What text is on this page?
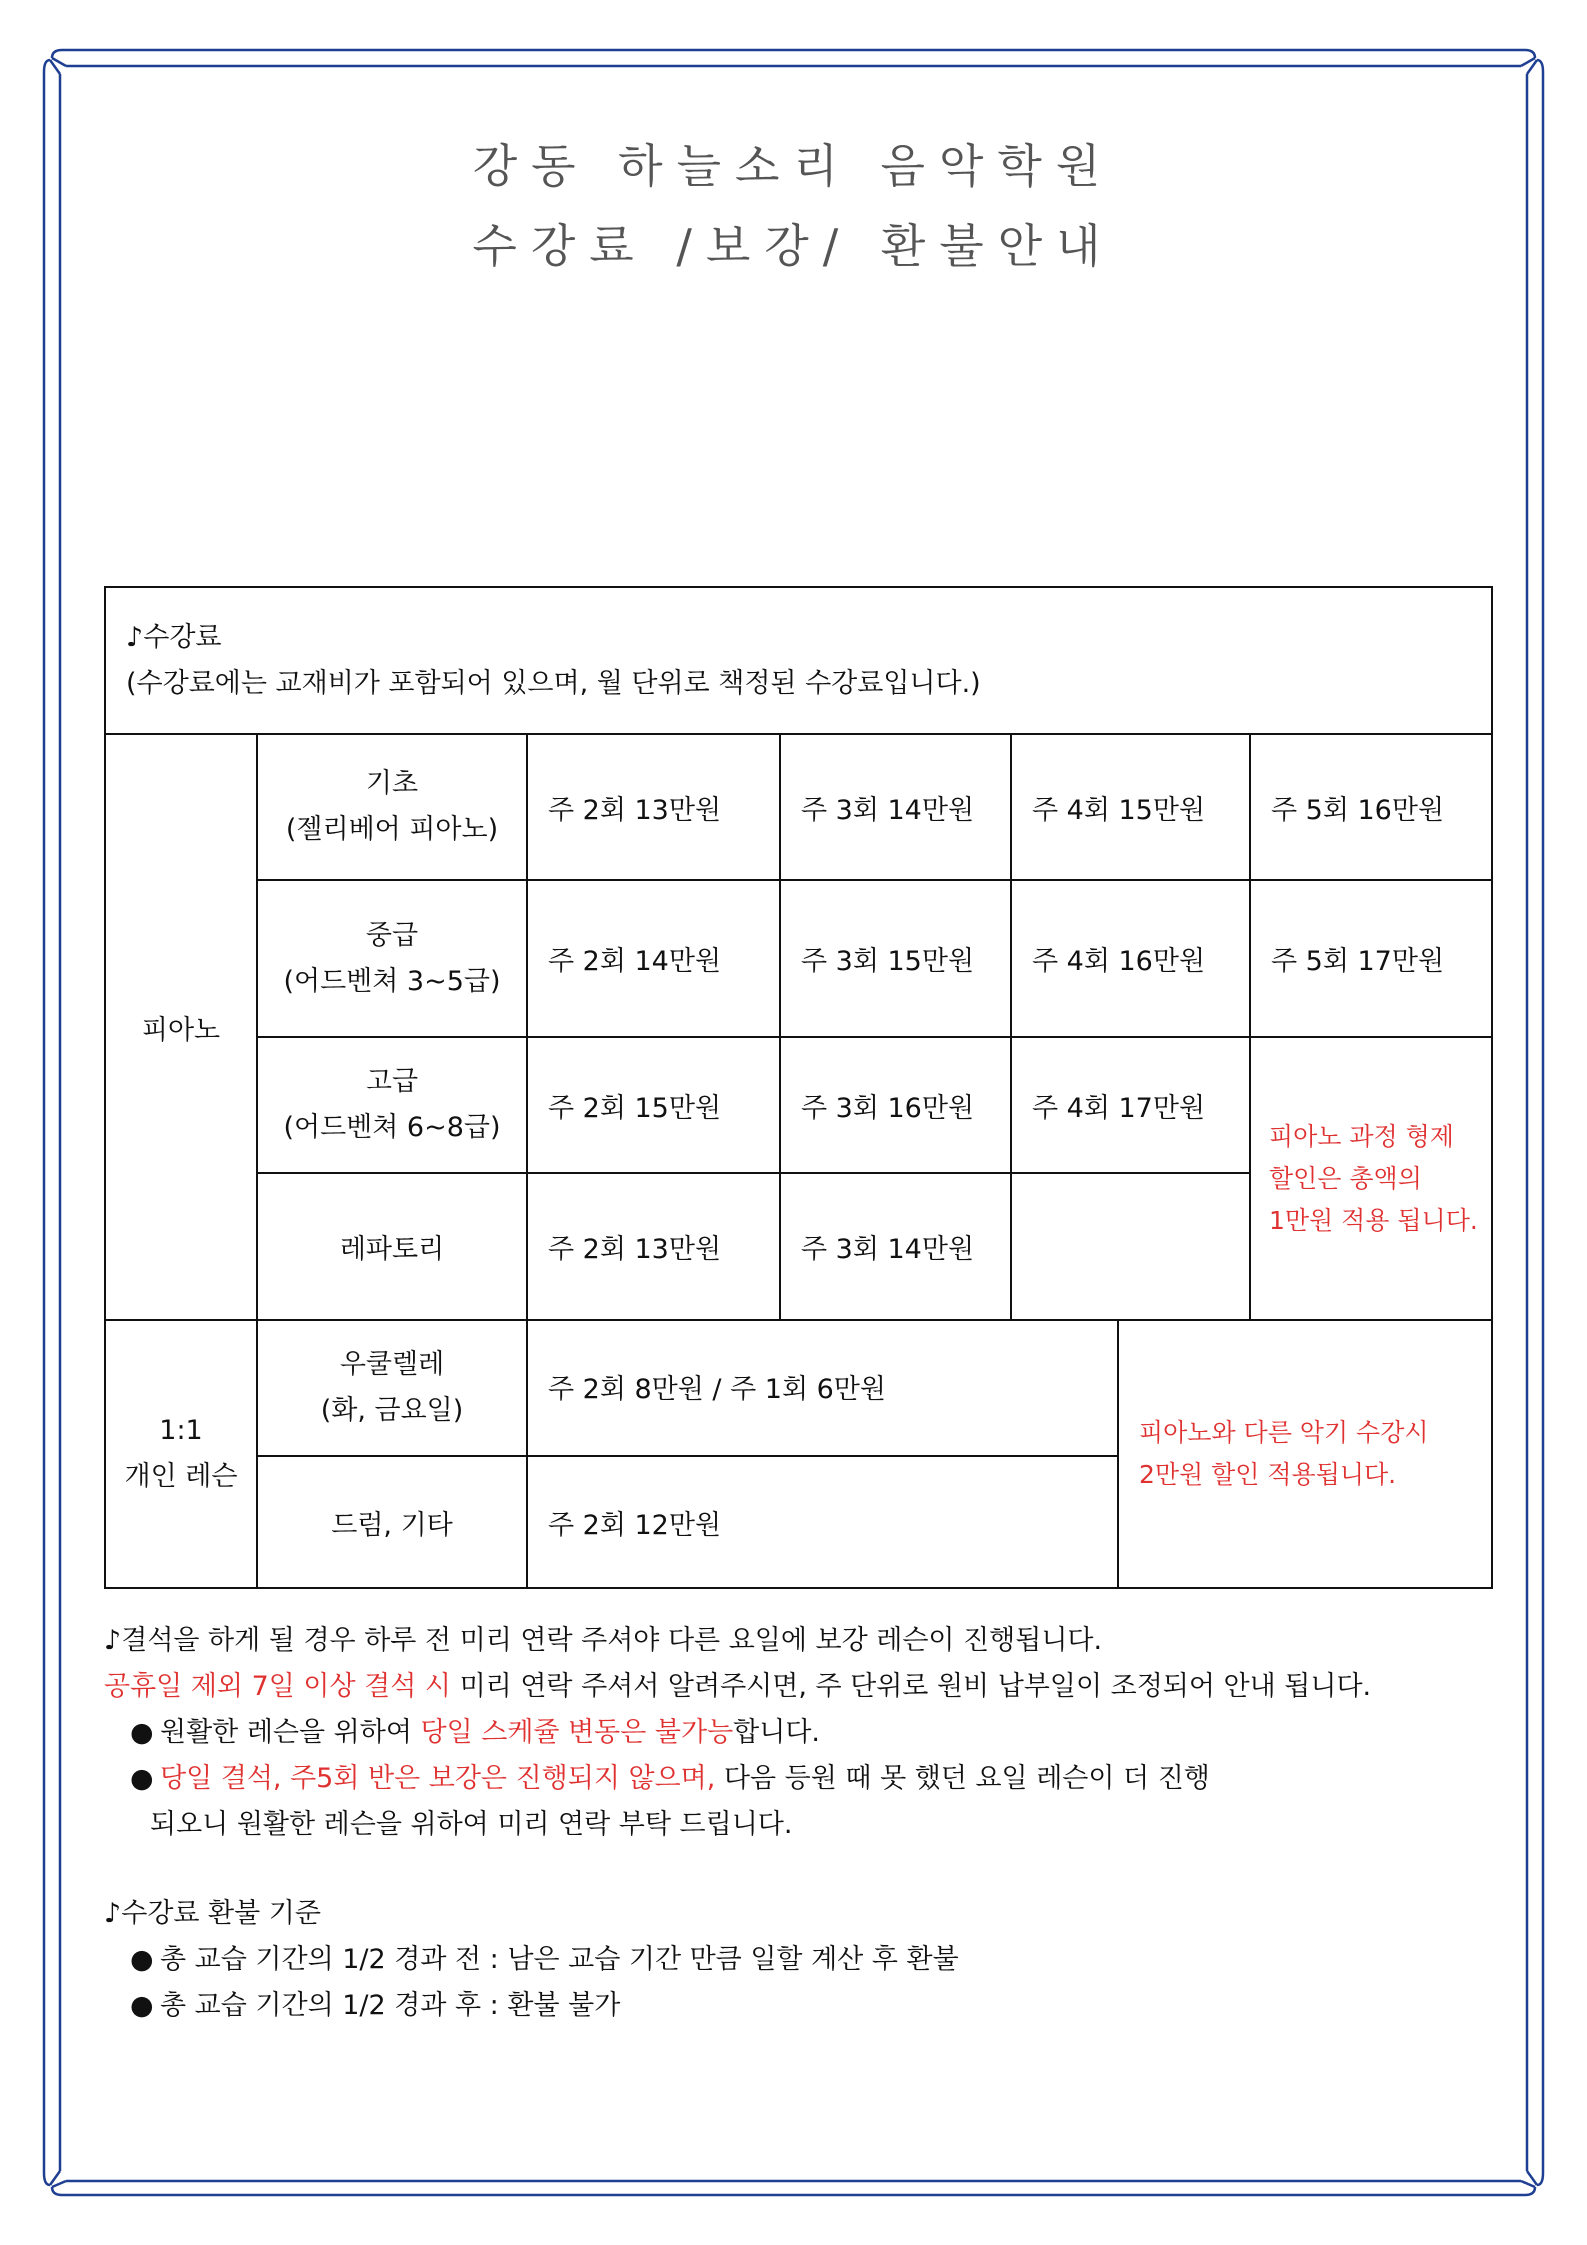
강동 하늘소리 음악학원
수강료 /보강/ 환불안내
♪수강료
(수강료에는 교재비가 포함되어 있으며, 월 단위로 책정된 수강료입니다.)						

피아노	기초
(젤리베어 피아노)	주 2회 13만원	주 3회 14만원	주 4회 15만원		주 5회 16만원

	중급
(어드벤쳐 3~5급)	주 2회 14만원	주 3회 15만원	주 4회 16만원		주 5회 17만원

	고급
(어드벤쳐 6~8급)	주 2회 15만원	주 3회 16만원	주 4회 17만원		피아노 과정 형제
할인은 총액의
1만원 적용 됩니다.

	레파토리	주 2회 13만원	주 3회 14만원			

1:1
개인 레슨	우쿨렐레
(화, 금요일)	주 2회 8만원 / 주 1회 6만원			피아노와 다른 악기 수강시
2만원 할인 적용됩니다.	

	드럼, 기타	주 2회 12만원				
♪결석을 하게 될 경우 하루 전 미리 연락 주셔야 다른 요일에 보강 레슨이 진행됩니다.
공휴일 제외 7일 이상 결석 시 미리 연락 주셔서 알려주시면, 주 단위로 원비 납부일이 조정되어 안내 됩니다.
● 원활한 레슨을 위하여 당일 스케쥴 변동은 불가능합니다.
● 당일 결석, 주5회 반은 보강은 진행되지 않으며, 다음 등원 때 못 했던 요일 레슨이 더 진행
되오니 원활한 레슨을 위하여 미리 연락 부탁 드립니다.
♪수강료 환불 기준
● 총 교습 기간의 1/2 경과 전 : 남은 교습 기간 만큼 일할 계산 후 환불
● 총 교습 기간의 1/2 경과 후 : 환불 불가
